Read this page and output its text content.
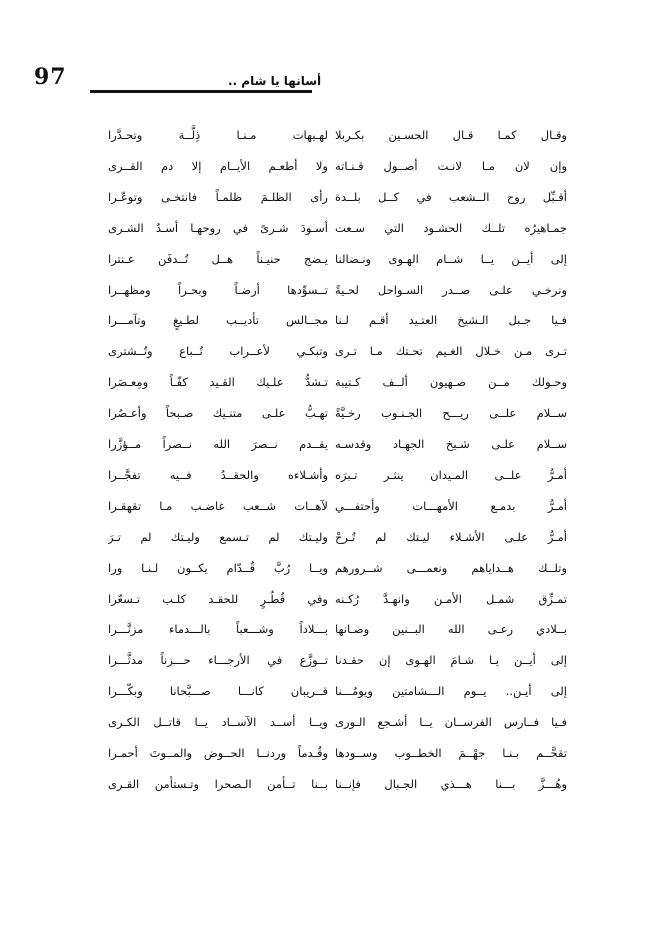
97	أسانها يا شام ..
وقـال كمـا قـال الحسـين بكـربلا
لهـيهات مـنـا ذِلَّــة وتحـدَّرا
وإن لان مـا لانـت أصــول قـنـاته
ولا أطعـم الأيــام إلا دم القــرى
أقـبِّل روح الــشعب في كــل بلــدة
رأى الظلـمَ ظلمـاً فانتخـى وتوعّـرا
جمـاهيرُه تلــك الحشـود التي سـعت
أسـودَ شـرىً في روحهـا أسـدُ الشـرى
إلى أيــن يــا شــام الهـوى ونـضالنا
يـضج حنيـناً هــل تُــدفَن عـنترا
ونرخـي علـى صــدر السـواحل لحـيةً
تــسوِّدها أرضـاً وبحـراً ومظهــرا
فـيا جـبل الـشيخ العتـيد أقـم لـنا
مجــالس تأديــب لطـيغٍ وتآمـــرا
تـرى مـن خـلال الغـيم تحـتك مـا تـرى
وتبكـي لأعــراب تُــباع وتُــشترى
وحـولك مــن صـهيون ألــف كـتيبة
تـشدُّ علـيك القـيد كفّـاً ومِعـصَرا
ســلام علــى ريـــح الجـنـوب رخـيَّةً
تهـبُّ علـى متنـيك صـبحاً وأعـصُرا
ســلام علـى شـيخ الجهـاد وقدسـه
يقــدم نــصرَ الله نــصراً مــؤزَّرا
أمـرُّ علــى المـيدان ينثـر تـبرَه
وأشـلاءه والحقــدُ فــيه تفجَّــرا
أمـرُّ بدمـع الأمهـــات وأحتفـــي
لآهــات شــعب غاضـب مـا تقهقـرا
أمـرُّ علـى الأشـلاء ليـتك لم تُـرحْ
وليـتك لم تـسمع وليـتك لم تـرَ
وتلــك هــداياهم ونعمـــى شــرورهم
ويــا رُبَّ قُــدّام يكــون لـنـا ورا
تمـزِّق شمـل الأمـن وانهـدَّ رُكـنه
وفي قُطُـرٍ للحقـد كلـب تـسعّرا
بــلادي رعـى الله البــنين وصـانها
بـــلاداً وشـــعباً بالـــدماء مزنَّـــرا
إلى أيــن يـا شـامَ الهـوى إن حقـدنا
تــوزَّع في الأرجـــاء حـــزناً مدثَّـــرا
إلى أيـن.. يــوم الـــشامتين ويومُـــنا
قــريبان كانـــا صـــبَّحانا وبكّـــرا
فـيا فــارس الفرســان يــا أشـجع الـورى
ويــا أســد الآســاد يــا قاتــل الكـرى
تقحَّــم بـنـا جهْــمَ الخطــوب وســودها
وقُـدماً وردنــا الحــوض والمــوتَ أحمـرا
وهُـــزَّ بـــنا هـــذي الجـبال فإنــنا
بــنا تــأمن الـصحرا وتـستأمن القـرى
